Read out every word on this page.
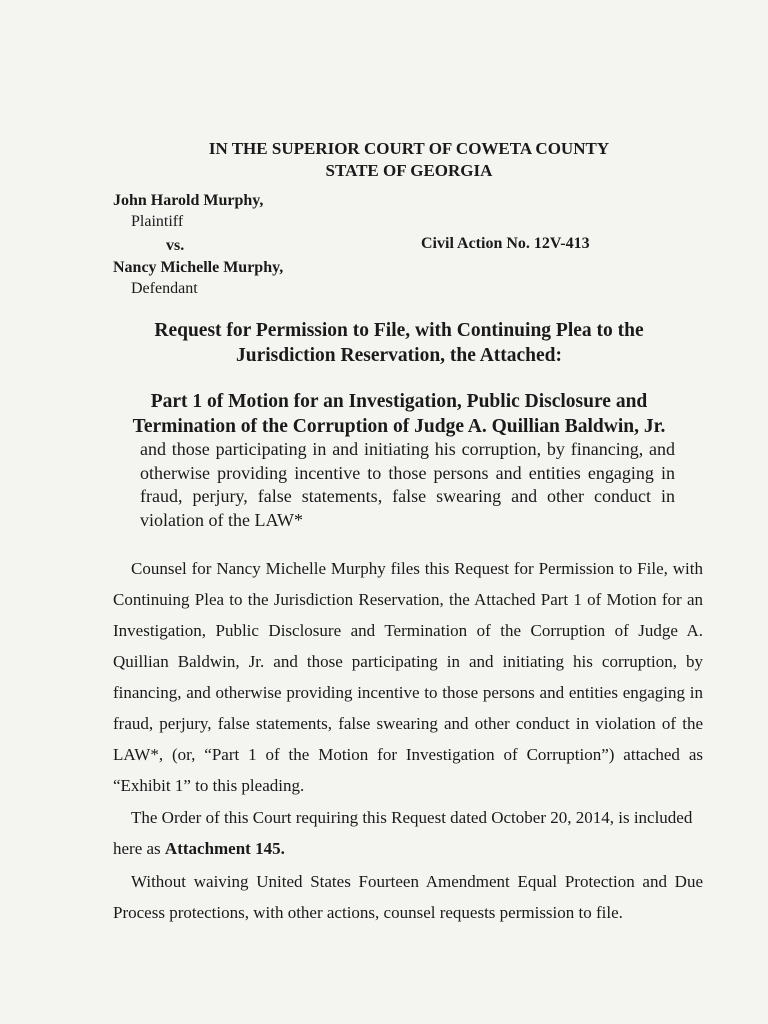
IN THE SUPERIOR COURT OF COWETA COUNTY
STATE OF GEORGIA
John Harold Murphy,
Plaintiff
vs.	Civil Action No. 12V-413
Nancy Michelle Murphy,
Defendant
Request for Permission to File, with Continuing Plea to the
Jurisdiction Reservation, the Attached:
Part 1 of Motion for an Investigation, Public Disclosure and
Termination of the Corruption of Judge A. Quillian Baldwin, Jr.
and those participating in and initiating his corruption, by financing, and otherwise providing incentive to those persons and entities engaging in fraud, perjury, false statements, false swearing and other conduct in violation of the LAW*
Counsel for Nancy Michelle Murphy files this Request for Permission to File, with Continuing Plea to the Jurisdiction Reservation, the Attached Part 1 of Motion for an Investigation, Public Disclosure and Termination of the Corruption of Judge A. Quillian Baldwin, Jr. and those participating in and initiating his corruption, by financing, and otherwise providing incentive to those persons and entities engaging in fraud, perjury, false statements, false swearing and other conduct in violation of the LAW*, (or, “Part 1 of the Motion for Investigation of Corruption”) attached as “Exhibit 1” to this pleading.
The Order of this Court requiring this Request dated October 20, 2014, is included here as Attachment 145.
Without waiving United States Fourteen Amendment Equal Protection and Due Process protections, with other actions, counsel requests permission to file.
